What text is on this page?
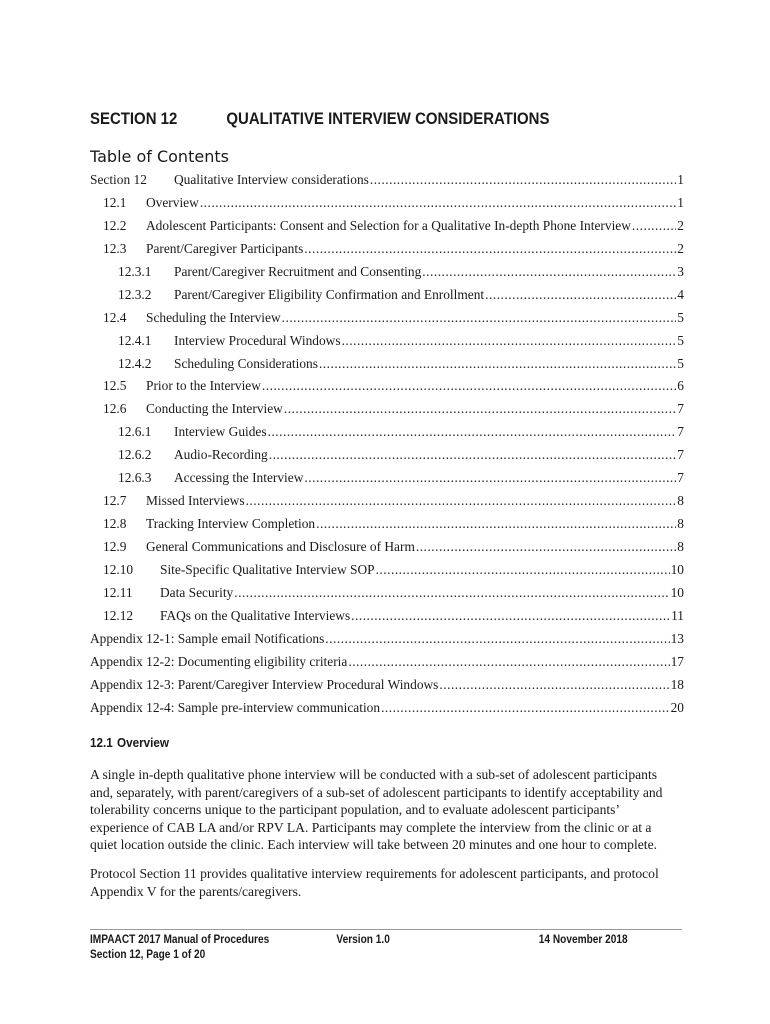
SECTION 12	QUALITATIVE INTERVIEW CONSIDERATIONS
Table of Contents
Section 12	Qualitative Interview considerations .....	1
12.1	Overview .....	1
12.2	Adolescent Participants: Consent and Selection for a Qualitative In-depth Phone Interview .....	2
12.3	Parent/Caregiver Participants .....	2
12.3.1	Parent/Caregiver Recruitment and Consenting .....	3
12.3.2	Parent/Caregiver Eligibility Confirmation and Enrollment .....	4
12.4	Scheduling the Interview .....	5
12.4.1	Interview Procedural Windows .....	5
12.4.2	Scheduling Considerations .....	5
12.5	Prior to the Interview .....	6
12.6	Conducting the Interview .....	7
12.6.1	Interview Guides .....	7
12.6.2	Audio-Recording .....	7
12.6.3	Accessing the Interview .....	7
12.7	Missed Interviews .....	8
12.8	Tracking Interview Completion .....	8
12.9	General Communications and Disclosure of Harm .....	8
12.10	Site-Specific Qualitative Interview SOP .....	10
12.11	Data Security .....	10
12.12	FAQs on the Qualitative Interviews .....	11
Appendix 12-1: Sample email Notifications .....	13
Appendix 12-2: Documenting eligibility criteria .....	17
Appendix 12-3: Parent/Caregiver Interview Procedural Windows .....	18
Appendix 12-4: Sample pre-interview communication .....	20
12.1 Overview

A single in-depth qualitative phone interview will be conducted with a sub-set of adolescent participants and, separately, with parent/caregivers of a sub-set of adolescent participants to identify acceptability and tolerability concerns unique to the participant population, and to evaluate adolescent participants’ experience of CAB LA and/or RPV LA. Participants may complete the interview from the clinic or at a quiet location outside the clinic. Each interview will take between 20 minutes and one hour to complete.

Protocol Section 11 provides qualitative interview requirements for adolescent participants, and protocol Appendix V for the parents/caregivers.

IMPAACT 2017 Manual of Procedures	Version 1.0	14 November 2018
Section 12, Page 1 of 20
